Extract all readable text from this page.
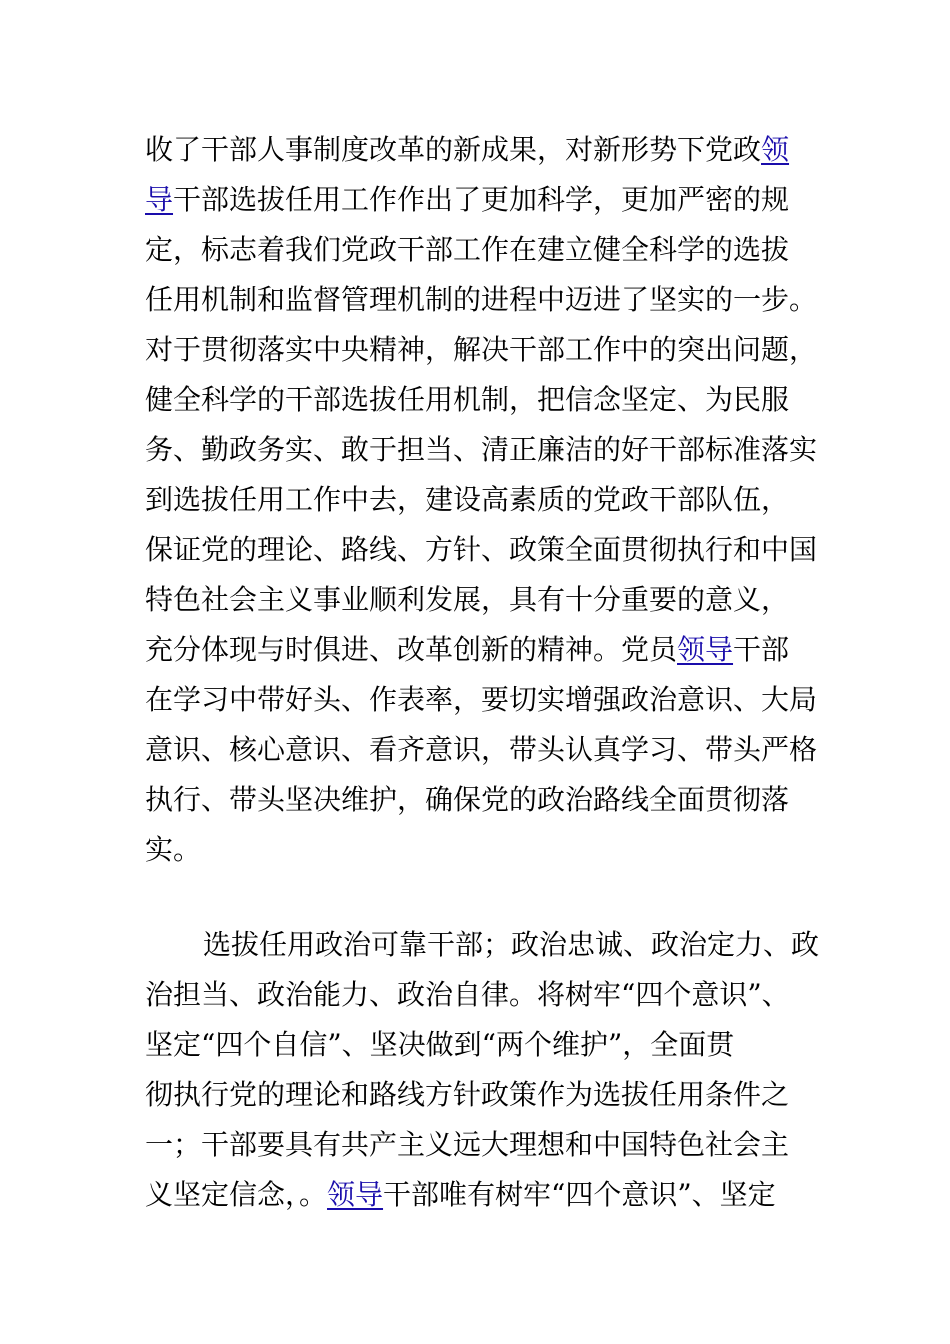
收了干部人事制度改革的新成果，对新形势下党政领
导干部选拔任用工作作出了更加科学，更加严密的规
定，标志着我们党政干部工作在建立健全科学的选拔
任用机制和监督管理机制的进程中迈进了坚实的一步。
对于贯彻落实中央精神，解决干部工作中的突出问题，
健全科学的干部选拔任用机制，把信念坚定、为民服
务、勤政务实、敢于担当、清正廉洁的好干部标准落实
到选拔任用工作中去，建设高素质的党政干部队伍，
保证党的理论、路线、方针、政策全面贯彻执行和中国
特色社会主义事业顺利发展，具有十分重要的意义，
充分体现与时俱进、改革创新的精神。党员领导干部
在学习中带好头、作表率，要切实增强政治意识、大局
意识、核心意识、看齐意识，带头认真学习、带头严格
执行、带头坚决维护，确保党的政治路线全面贯彻落
实。
选拔任用政治可靠干部；政治忠诚、政治定力、政
治担当、政治能力、政治自律。将树牢“四个意识”、
坚定“四个自信”、坚决做到“两个维护”，全面贯
彻执行党的理论和路线方针政策作为选拔任用条件之
一；干部要具有共产主义远大理想和中国特色社会主
义坚定信念，。领导干部唯有树牢“四个意识”、坚定
